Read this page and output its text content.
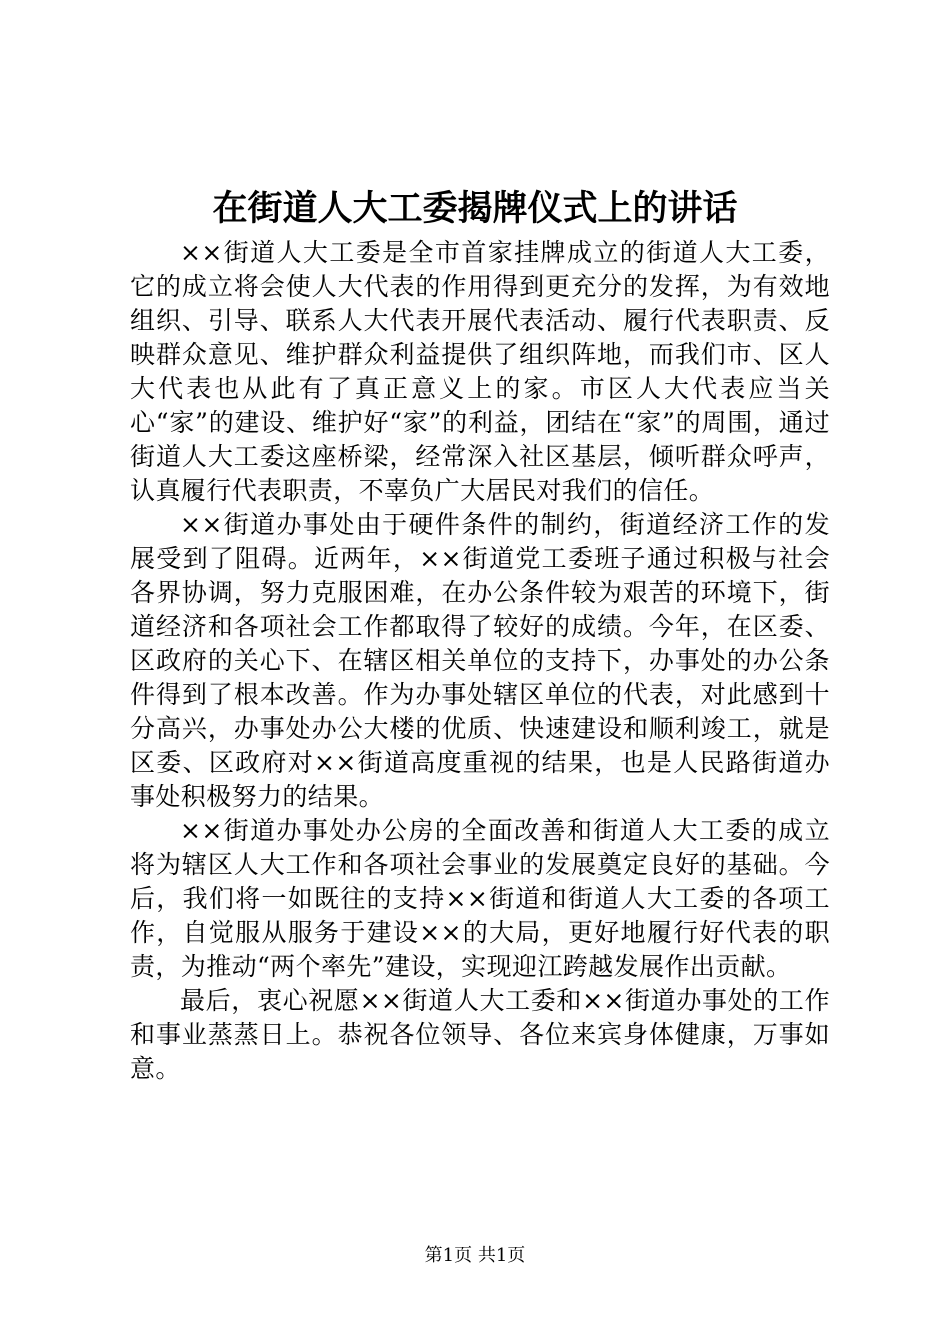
在街道人大工委揭牌仪式上的讲话

××街道人大工委是全市首家挂牌成立的街道人大工委，它的成立将会使人大代表的作用得到更充分的发挥，为有效地组织、引导、联系人大代表开展代表活动、履行代表职责、反映群众意见、维护群众利益提供了组织阵地，而我们市、区人大代表也从此有了真正意义上的家。市区人大代表应当关心“家”的建设、维护好“家”的利益，团结在“家”的周围，通过街道人大工委这座桥梁，经常深入社区基层，倾听群众呼声，认真履行代表职责，不辜负广大居民对我们的信任。

××街道办事处由于硬件条件的制约，街道经济工作的发展受到了阻碍。近两年，××街道党工委班子通过积极与社会各界协调，努力克服困难，在办公条件较为艰苦的环境下，街道经济和各项社会工作都取得了较好的成绩。今年，在区委、区政府的关心下、在辖区相关单位的支持下，办事处的办公条件得到了根本改善。作为办事处辖区单位的代表，对此感到十分高兴，办事处办公大楼的优质、快速建设和顺利竣工，就是区委、区政府对××街道高度重视的结果，也是人民路街道办事处积极努力的结果。

××街道办事处办公房的全面改善和街道人大工委的成立将为辖区人大工作和各项社会事业的发展奠定良好的基础。今后，我们将一如既往的支持××街道和街道人大工委的各项工作，自觉服从服务于建设××的大局，更好地履行好代表的职责，为推动“两个率先”建设，实现迎江跨越发展作出贡献。

最后，衷心祝愿××街道人大工委和××街道办事处的工作和事业蒸蒸日上。恭祝各位领导、各位来宾身体健康，万事如意。

第1页 共1页
